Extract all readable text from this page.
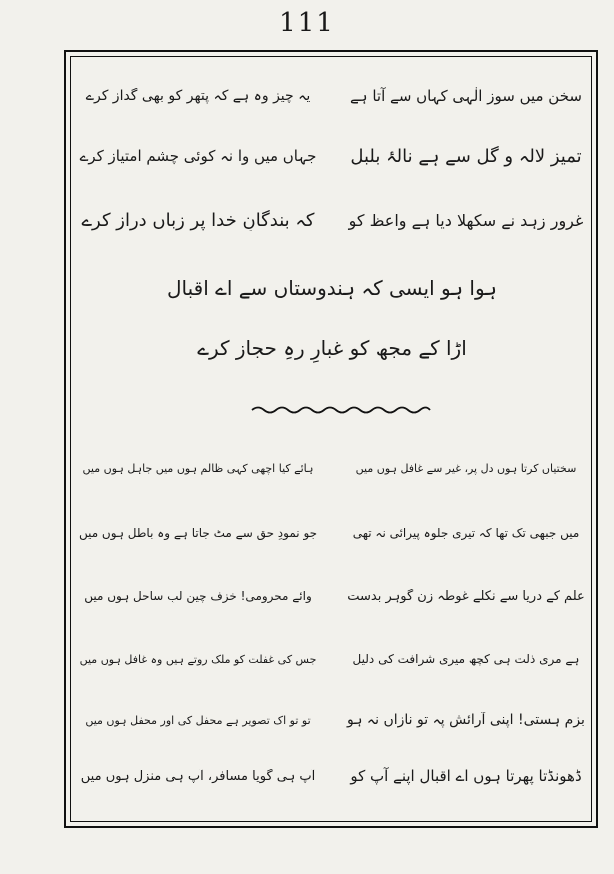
111
سخن میں سوز الٰہی کہاں سے آتا ہے
یہ چیز وہ ہے کہ پتھر کو بھی گداز کرے
تمیزِ لالہ و گل سے ہے نالۂ بلبل
جہاں میں وا نہ کوئی چشمِ امتیاز کرے
غرورِ زہد نے سکھلا دیا ہے واعظ کو
کہ بندگانِ خدا پر زباں دراز کرے
ہوا ہو ایسی کہ ہندوستاں سے اے اقبال
اڑا کے مجھ کو غبارِ رہِ حجاز کرے
سختیاں کرتا ہوں دل پر، غیر سے غافل ہوں میں
ہائے کیا اچھی کہی ظالم ہوں میں جاہل ہوں میں
میں جبھی تک تھا کہ تیری جلوہ پیرائی نہ تھی
جو نمودِ حق سے مٹ جاتا ہے وہ باطل ہوں میں
علم کے دریا سے نکلے غوطہ زن گوہر بدست
وائے محرومی! خزف چینِ لبِ ساحل ہوں میں
ہے مری ذلت ہی کچھ میری شرافت کی دلیل
جس کی غفلت کو ملک روتے ہیں وہ غافل ہوں میں
بزمِ ہستی! اپنی آرائش پہ تو نازاں نہ ہو
تو تو اک تصویر ہے محفل کی اور محفل ہوں میں
ڈھونڈتا پھرتا ہوں اے اقبال اپنے آپ کو
آپ ہی گویا مسافر، آپ ہی منزل ہوں میں
